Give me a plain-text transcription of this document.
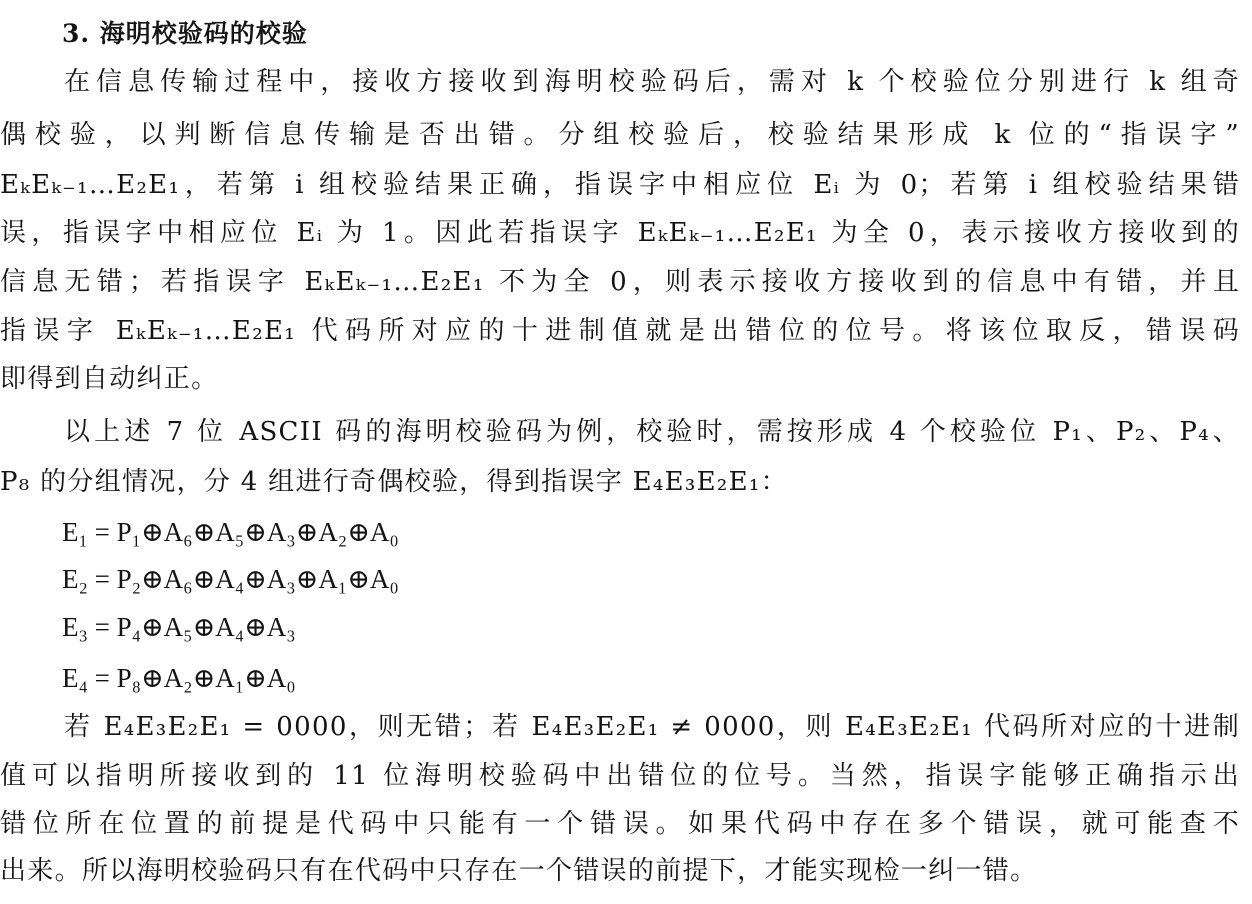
3. 海明校验码的校验
在信息传输过程中，接收方接收到海明校验码后，需对 k 个校验位分别进行 k 组奇
偶校验，以判断信息传输是否出错。分组校验后，校验结果形成 k 位的“指误字”
EₖEₖ₋₁…E₂E₁，若第 i 组校验结果正确，指误字中相应位 Eᵢ 为 0；若第 i 组校验结果错
误，指误字中相应位 Eᵢ 为 1。因此若指误字 EₖEₖ₋₁…E₂E₁ 为全 0，表示接收方接收到的
信息无错；若指误字 EₖEₖ₋₁…E₂E₁ 不为全 0，则表示接收方接收到的信息中有错，并且
指误字 EₖEₖ₋₁…E₂E₁ 代码所对应的十进制值就是出错位的位号。将该位取反，错误码
即得到自动纠正。
以上述 7 位 ASCII 码的海明校验码为例，校验时，需按形成 4 个校验位 P₁、P₂、P₄、
P₈ 的分组情况，分 4 组进行奇偶校验，得到指误字 E₄E₃E₂E₁：
E₁ = P₁⊕A₆⊕A₅⊕A₃⊕A₂⊕A₀
E₂ = P₂⊕A₆⊕A₄⊕A₃⊕A₁⊕A₀
E₃ = P₄⊕A₅⊕A₄⊕A₃
E₄ = P₈⊕A₂⊕A₁⊕A₀
若 E₄E₃E₂E₁ = 0000，则无错；若 E₄E₃E₂E₁ ≠ 0000，则 E₄E₃E₂E₁ 代码所对应的十进制
值可以指明所接收到的 11 位海明校验码中出错位的位号。当然，指误字能够正确指示出
错位所在位置的前提是代码中只能有一个错误。如果代码中存在多个错误，就可能查不
出来。所以海明校验码只有在代码中只存在一个错误的前提下，才能实现检一纠一错。
